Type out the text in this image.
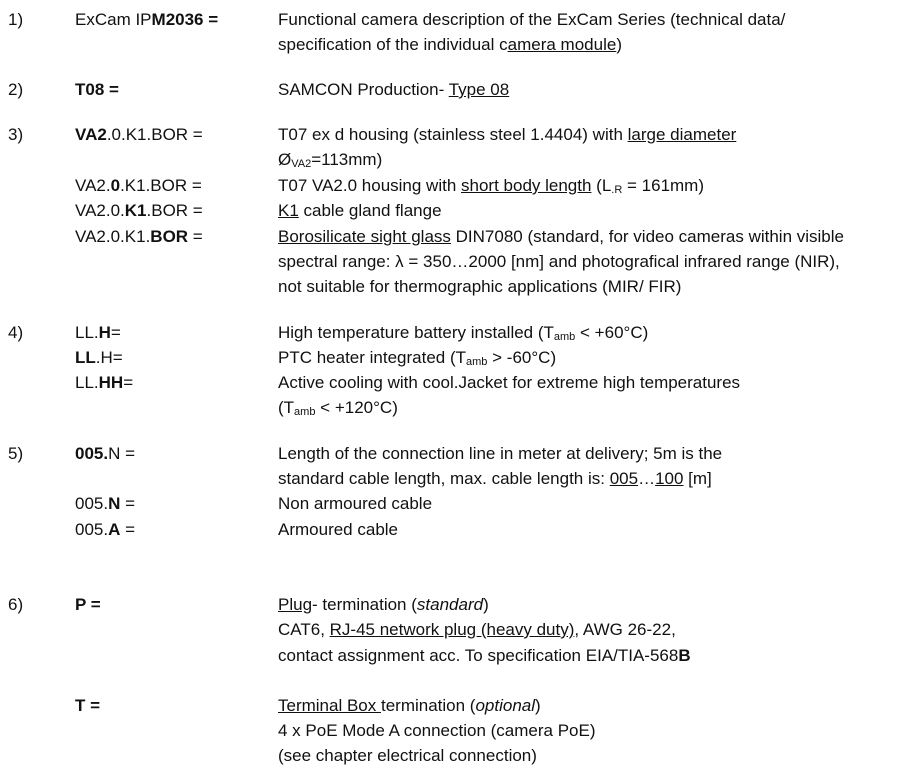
1)	ExCam IPM2036 =	Functional camera description of the ExCam Series (technical data/
specification of the individual camera module)
2)	T08 =	SAMCON Production- Type 08
3)	VA2.0.K1.BOR =	T07 ex d housing (stainless steel 1.4404) with large diameter
$Ø_{VA2}=113mm$)
VA2.0.K1.BOR =	T07 VA2.0 housing with short body length $(L_{.R} = 161mm)$
VA2.0.K1.BOR =	K1 cable gland flange
VA2.0.K1.BOR =	Borosilicate sight glass DIN7080 (standard, for video cameras within visible
spectral range: λ = 350…2000 [nm] and photografical infrared range (NIR),
not suitable for thermographic applications (MIR/ FIR)
4)	LL.H=	High temperature battery installed $(T_{amb} < +60^\circ C)$
LL.H=	PTC heater integrated $(T_{amb} > -60^\circ C)$
LL.HH=	Active cooling with cool.Jacket for extreme high temperatures
$(T_{amb} < +120^\circ C)$
5)	005.N =	Length of the connection line in meter at delivery; 5m is the
standard cable length, max. cable length is: 005…100 [m]
005.N =	Non armoured cable
005.A =	Armoured cable
6)	P =	Plug- termination (standard)
CAT6, RJ-45 network plug (heavy duty), AWG 26-22,
contact assignment acc. To specification EIA/TIA-568B
T =	Terminal Box termination (optional)
4 x PoE Mode A connection (camera PoE)
(see chapter electrical connection)
